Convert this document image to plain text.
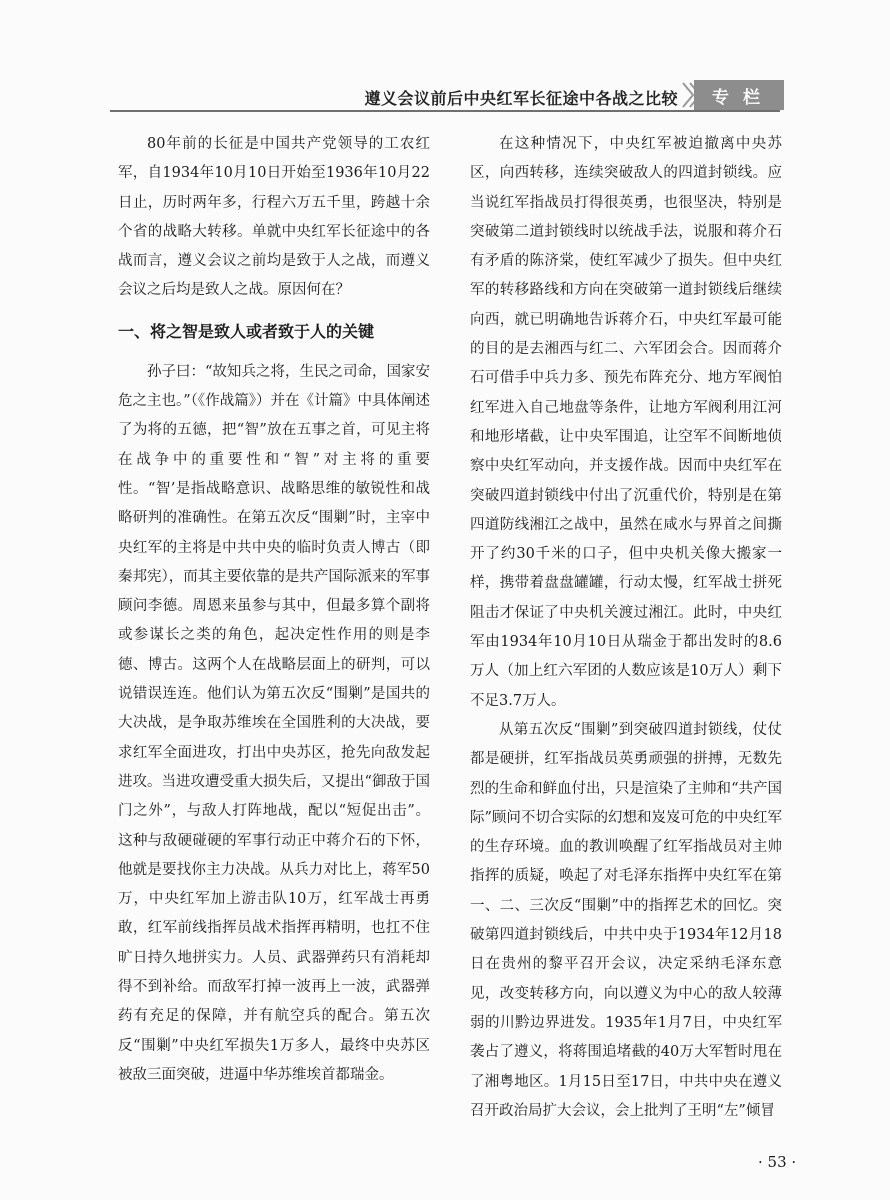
遵义会议前后中央红军长征途中各战之比较	专栏

80年前的长征是中国共产党领导的工农红军，自1934年10月10日开始至1936年10月22日止，历时两年多，行程六万五千里，跨越十余个省的战略大转移。单就中央红军长征途中的各战而言，遵义会议之前均是致于人之战，而遵义会议之后均是致人之战。原因何在？

一、将之智是致人或者致于人的关键

孙子曰：“故知兵之将，生民之司命，国家安危之主也。”（《作战篇》）并在《计篇》中具体阐述了为将的五德，把“智”放在五事之首，可见主将在战争中的重要性和“智”对主将的重要性。“智’是指战略意识、战略思维的敏锐性和战略研判的准确性。在第五次反“围剿”时，主宰中央红军的主将是中共中央的临时负责人博古（即秦邦宪），而其主要依靠的是共产国际派来的军事顾问李德。周恩来虽参与其中，但最多算个副将或参谋长之类的角色，起决定性作用的则是李德、博古。这两个人在战略层面上的研判，可以说错误连连。他们认为第五次反“围剿”是国共的大决战，是争取苏维埃在全国胜利的大决战，要求红军全面进攻，打出中央苏区，抢先向敌发起进攻。当进攻遭受重大损失后，又提出“御敌于国门之外”，与敌人打阵地战，配以“短促出击”。这种与敌硬碰硬的军事行动正中蒋介石的下怀，他就是要找你主力决战。从兵力对比上，蒋军50万，中央红军加上游击队10万，红军战士再勇敢，红军前线指挥员战术指挥再精明，也扛不住旷日持久地拼实力。人员、武器弹药只有消耗却得不到补给。而敌军打掉一波再上一波，武器弹药有充足的保障，并有航空兵的配合。第五次反“围剿”中央红军损失1万多人，最终中央苏区被敌三面突破，进逼中华苏维埃首都瑞金。

在这种情况下，中央红军被迫撤离中央苏区，向西转移，连续突破敌人的四道封锁线。应当说红军指战员打得很英勇，也很坚决，特别是突破第二道封锁线时以统战手法，说服和蒋介石有矛盾的陈济棠，使红军减少了损失。但中央红军的转移路线和方向在突破第一道封锁线后继续向西，就已明确地告诉蒋介石，中央红军最可能的目的是去湘西与红二、六军团会合。因而蒋介石可借手中兵力多、预先布阵充分、地方军阀怕红军进入自己地盘等条件，让地方军阀利用江河和地形堵截，让中央军围追，让空军不间断地侦察中央红军动向，并支援作战。因而中央红军在突破四道封锁线中付出了沉重代价，特别是在第四道防线湘江之战中，虽然在咸水与界首之间撕开了约30千米的口子，但中央机关像大搬家一样，携带着盘盘罐罐，行动太慢，红军战士拼死阻击才保证了中央机关渡过湘江。此时，中央红军由1934年10月10日从瑞金于都出发时的8.6万人（加上红六军团的人数应该是10万人）剩下不足3.7万人。

从第五次反“围剿”到突破四道封锁线，仗仗都是硬拼，红军指战员英勇顽强的拼搏，无数先烈的生命和鲜血付出，只是渲染了主帅和“共产国际”顾问不切合实际的幻想和岌岌可危的中央红军的生存环境。血的教训唤醒了红军指战员对主帅指挥的质疑，唤起了对毛泽东指挥中央红军在第一、二、三次反“围剿”中的指挥艺术的回忆。突破第四道封锁线后，中共中央于1934年12月18日在贵州的黎平召开会议，决定采纳毛泽东意见，改变转移方向，向以遵义为中心的敌人较薄弱的川黔边界进发。1935年1月7日，中央红军袭占了遵义，将蒋围追堵截的40万大军暂时甩在了湘粤地区。1月15日至17日，中共中央在遵义召开政治局扩大会议，会上批判了王明“左”倾冒

· 53 ·
